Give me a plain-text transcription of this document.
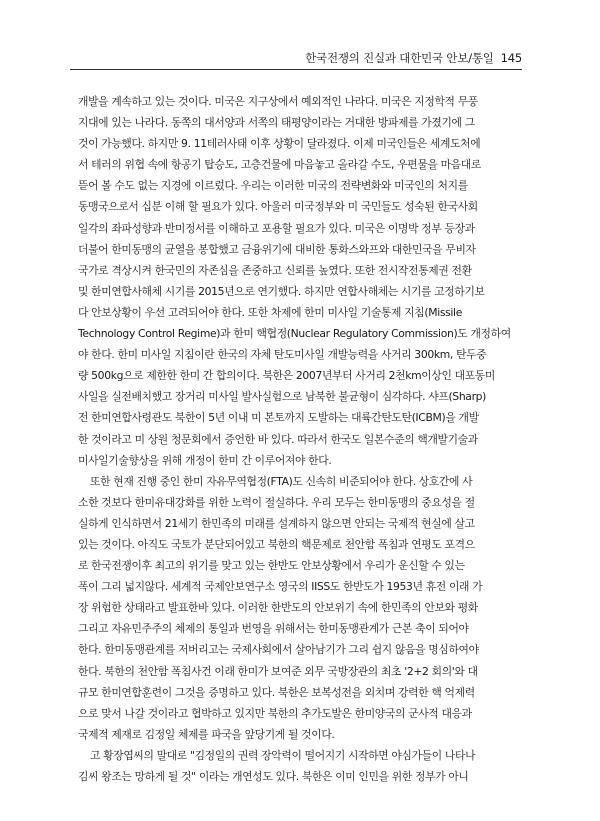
한국전쟁의 진실과 대한민국 안보/통일 145
개발을 계속하고 있는 것이다. 미국은 지구상에서 예외적인 나라다. 미국은 지정학적 무풍
지대에 있는 나라다. 동쪽의 대서양과 서쪽의 태평양이라는 거대한 방파제를 가졌기에 그
것이 가능했다. 하지만 9. 11테러사태 이후 상황이 달라졌다. 이제 미국인들은 세계도처에
서 테러의 위협 속에 항공기 탑승도, 고층건물에 마음놓고 올라갈 수도, 우편물을 마음대로
뜯어 볼 수도 없는 지경에 이르렀다. 우리는 이러한 미국의 전략변화와 미국인의 처지를
동맹국으로서 십분 이해 할 필요가 있다. 아울러 미국정부와 미 국민들도 성숙된 한국사회
일각의 좌파성향과 반미정서를 이해하고 포용할 필요가 있다. 미국은 이명박 정부 등장과
더불어 한미동맹의 균열을 봉합했고 금융위기에 대비한 통화스와프와 대한민국을 무비자
국가로 격상시켜 한국민의 자존심을 존중하고 신뢰를 높였다. 또한 전시작전통제권 전환
및 한미연합사해체 시기를 2015년으로 연기했다. 하지만 연합사해체는 시기를 고정하기보
다 안보상황이 우선 고려되어야 한다. 또한 차제에 한미 미사일 기술통제 지침(Missile
Technology Control Regime)과 한미 핵협정(Nuclear Regulatory Commission)도 개정하여
야 한다. 한미 미사일 지침이란 한국의 자체 탄도미사일 개발능력을 사거리 300km, 탄두중
량 500kg으로 제한한 한미 간 합의이다. 북한은 2007년부터 사거리 2천km이상인 대포동미
사일을 실전배치했고 장거리 미사일 발사실험으로 남북한 불균형이 심각하다. 샤프(Sharp)
전 한미연합사령관도 북한이 5년 이내 미 본토까지 도발하는 대륙간탄도탄(ICBM)을 개발
한 것이라고 미 상원 청문회에서 증언한 바 있다. 따라서 한국도 일본수준의 핵개발기술과
미사일기술향상을 위해 개정이 한미 간 이루어져야 한다.
또한 현재 진행 중인 한미 자유무역협정(FTA)도 신속히 비준되어야 한다. 상호간에 사
소한 것보다 한미유대강화를 위한 노력이 절실하다. 우리 모두는 한미동맹의 중요성을 절
실하게 인식하면서 21세기 한민족의 미래를 설계하지 않으면 안되는 국제적 현실에 살고
있는 것이다. 아직도 국토가 분단되어있고 북한의 핵문제로 천안함 폭침과 연평도 포격으
로 한국전쟁이후 최고의 위기를 맞고 있는 한반도 안보상황에서 우리가 운신할 수 있는
폭이 그리 넓지않다. 세계적 국제안보연구소 영국의 IISS도 한반도가 1953년 휴전 이래 가
장 위험한 상태라고 발표한바 있다. 이러한 한반도의 안보위기 속에 한민족의 안보와 평화
그리고 자유민주주의 체제의 통일과 번영을 위해서는 한미동맹관계가 근본 축이 되어야
한다. 한미동맹관계를 저버리고는 국제사회에서 살아남기가 그리 쉽지 않음을 명심하여야
한다. 북한의 천안함 폭침사건 이래 한미가 보여준 외무 국방장관의 최초 '2+2 회의'와 대
규모 한미연합훈련이 그것을 증명하고 있다. 북한은 보복성전을 외치며 강력한 핵 억제력
으로 맞서 나갈 것이라고 협박하고 있지만 북한의 추가도발은 한미양국의 군사적 대응과
국제적 제재로 김정일 체제를 파국을 앞당기게 될 것이다.
고 황장엽씨의 말대로 "김정일의 권력 장악력이 떨어지기 시작하면 야심가들이 나타나
김씨 왕조는 망하게 될 것" 이라는 개연성도 있다. 북한은 이미 인민을 위한 정부가 아니
